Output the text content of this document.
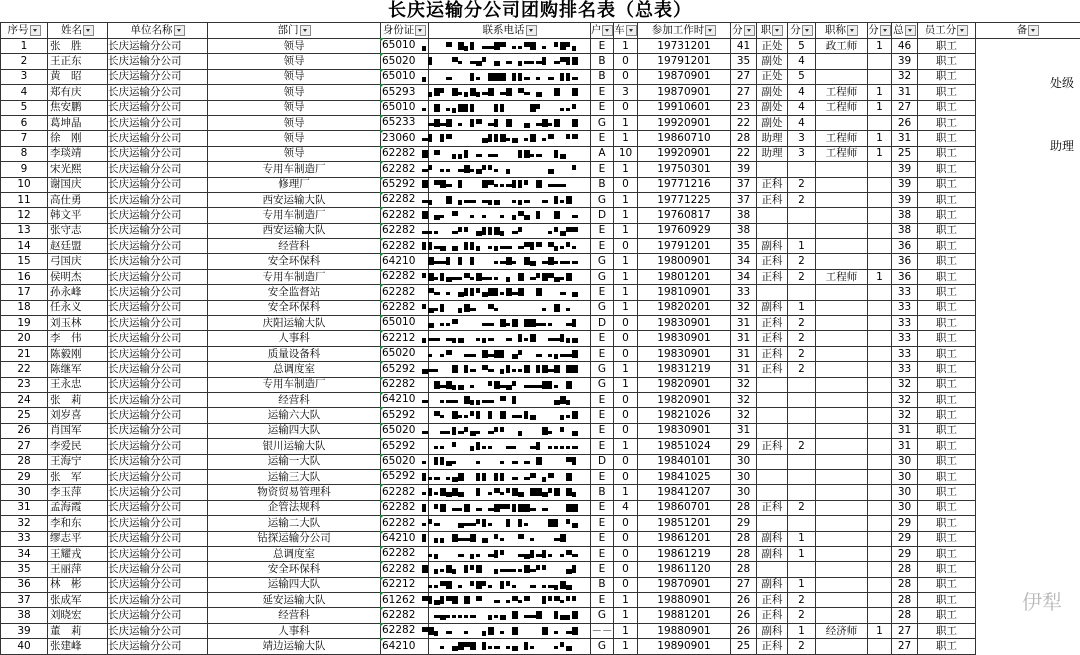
长庆运输分公司团购排名表（总表）
序号	姓名	单位名称	部门	身份证	联系电话	户	车	参加工作时	分	职	分	职称	分	总	员工分	备
1	张　胜	长庆运输分公司	领导	65010		E	1	19731201	41	正处	5	政工师	1	46	职工	
2	王正东	长庆运输分公司	领导	65020		B	0	19791201	35	副处	4			39	职工	
3	黄　昭	长庆运输分公司	领导	65010		B	0	19870901	27	正处	5			32	职工	
4	郑有庆	长庆运输分公司	领导	65293		E	3	19870901	27	副处	4	工程师	1	31	职工	
5	焦安鹏	长庆运输分公司	领导	65010		E	0	19910601	23	副处	4	工程师	1	27	职工	
6	葛坤晶	长庆运输分公司	领导	65233		G	1	19920901	22	副处	4			26	职工	
7	徐　刚	长庆运输分公司	领导	23060		E	1	19860710	28	助理	3	工程师	1	31	职工	
8	李琰靖	长庆运输分公司	领导	62282		A	10	19920901	22	助理	3	工程师	1	25	职工	
9	宋光熙	长庆运输分公司	专用车制造厂	62282		E	1	19750301	39					39	职工	
10	谢国庆	长庆运输分公司	修理厂	65292		B	0	19771216	37	正科	2			39	职工	
11	高仕勇	长庆运输分公司	西安运输大队	62282		G	1	19771225	37	正科	2			39	职工	
12	韩文平	长庆运输分公司	专用车制造厂	62282		D	1	19760817	38					38	职工	
13	张守志	长庆运输分公司	西安运输大队	62282		E	1	19760929	38					38	职工	
14	赵廷盟	长庆运输分公司	经营科	62282		E	0	19791201	35	副科	1			36	职工	
15	弓国庆	长庆运输分公司	安全环保科	64210		G	1	19800901	34	正科	2			36	职工	
16	侯明杰	长庆运输分公司	专用车制造厂	62282		G	1	19801201	34	正科	2	工程师	1	36	职工	
17	孙永峰	长庆运输分公司	安全监督站	62282		E	1	19810901	33					33	职工	
18	任永义	长庆运输分公司	安全环保科	62282		G	1	19820201	32	副科	1			33	职工	
19	刘玉林	长庆运输分公司	庆阳运输大队	65010		D	0	19830901	31	正科	2			33	职工	
20	李　伟	长庆运输分公司	人事科	62212		E	0	19830901	31	正科	2			33	职工	
21	陈毅刚	长庆运输分公司	质量设备科	65020		E	0	19830901	31	正科	2			33	职工	
22	陈继军	长庆运输分公司	总调度室	65292		G	1	19831219	31	正科	2			33	职工	
23	王永忠	长庆运输分公司	专用车制造厂	62282		G	1	19820901	32					32	职工	
24	张　莉	长庆运输分公司	经营科	64210		E	0	19820901	32					32	职工	
25	刘岁喜	长庆运输分公司	运输六大队	65292		E	0	19821026	32					32	职工	
26	肖国军	长庆运输分公司	运输四大队	65020		E	0	19830901	31					31	职工	
27	李爱民	长庆运输分公司	银川运输大队	65292		E	1	19851024	29	正科	2			31	职工	
28	王海宁	长庆运输分公司	运输一大队	65020		D	0	19840101	30					30	职工	
29	张　军	长庆运输分公司	运输三大队	65292		E	0	19841025	30					30	职工	
30	李玉萍	长庆运输分公司	物资贸易管理科	62282		B	1	19841207	30					30	职工	
31	孟海霞	长庆运输分公司	企管法规科	62282		E	4	19860701	28	正科	2			30	职工	
32	李和东	长庆运输分公司	运输二大队	62282		E	0	19851201	29					29	职工	
33	缪志平	长庆运输分公司	钻探运输分公司	64210		E	0	19861201	28	副科	1			29	职工	
34	王耀戎	长庆运输分公司	总调度室	62282		E	0	19861219	28	副科	1			29	职工	
35	王丽萍	长庆运输分公司	安全环保科	62282		E	0	19861120	28					28	职工	
36	林　彬	长庆运输分公司	运输四大队	62212		B	0	19870901	27	副科	1			28	职工	
37	张成军	长庆运输分公司	延安运输大队	61262		E	1	19880901	26	正科	2			28	职工	
38	刘晓宏	长庆运输分公司	经营科	62282		G	1	19881201	26	正科	2			28	职工	
39	董　莉	长庆运输分公司	人事科	62282		－－	1	19880901	26	副科	1	经济师	1	27	职工	
40	张建峰	长庆运输分公司	靖边运输大队	64210		G	1	19890901	25	正科	2			27	职工	
处级
助理
伊犁
